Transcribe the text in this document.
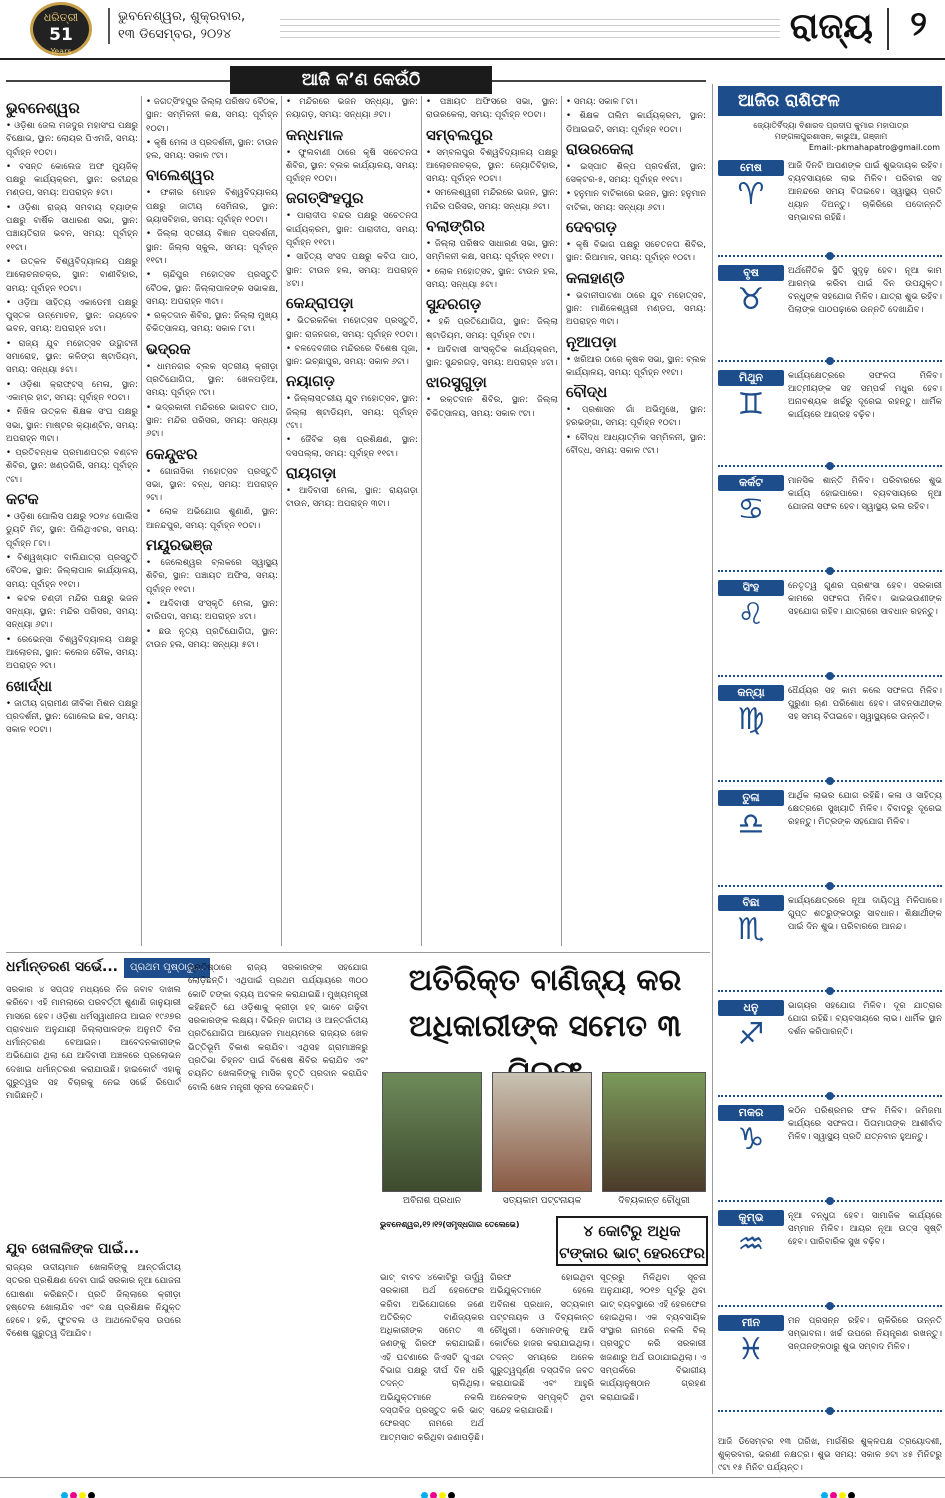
ଧରିତ୍ରୀ
51
Years
ଭୁବନେଶ୍ୱର, ଶୁକ୍ରବାର,
୧୩ ଡିସେମ୍ବର, ୨୦୨୪	ରାଜ୍ୟ ୨
ଆଜି କ’ଣ କେଉଁଠି
ଭୁବନେଶ୍ୱର

• ଓଡ଼ିଶା ଜେଲ ମଜଦୁର ମହାସଂଘ ପକ୍ଷରୁ ବିକ୍ଷୋଭ, ସ୍ଥାନ: ଲୋୟର ପିଏମଜି, ସମୟ: ପୂର୍ବାହ୍ନ ୧୦ଟା।

• ବସନ୍ତ କୋଲେଜ ଅଫ ମ୍ୟୁଜିକ୍ ପକ୍ଷରୁ କାର୍ଯ୍ୟକ୍ରମ, ସ୍ଥାନ: ରବୀନ୍ଦ୍ର ମଣ୍ଡପ, ସମୟ: ଅପରାହ୍ନ ୫ଟା।

• ଓଡ଼ିଶା ରାଜ୍ୟ ସମବାୟ ବ୍ୟାଙ୍କ ପକ୍ଷରୁ ବାର୍ଷିକ ସାଧାରଣ ସଭା, ସ୍ଥାନ: ପଞ୍ଚାୟତିରାଜ ଭବନ, ସମୟ: ପୂର୍ବାହ୍ନ ୧୧ଟା।

• ଉତ୍କଳ ବିଶ୍ୱବିଦ୍ୟାଳୟ ପକ୍ଷରୁ ଆଲୋଚନାଚକ୍ର, ସ୍ଥାନ: ବାଣୀବିହାର, ସମୟ: ପୂର୍ବାହ୍ନ ୧୦ଟା।

• ଓଡ଼ିଆ ସାହିତ୍ୟ ଏକାଡେମୀ ପକ୍ଷରୁ ପୁସ୍ତକ ଉନ୍ମୋଚନ, ସ୍ଥାନ: ଜୟଦେବ ଭବନ, ସମୟ: ଅପରାହ୍ନ ୪ଟା।

• ରାଜ୍ୟ ଯୁବ ମହୋତ୍ସବ ଉଦ୍ଘାଟନୀ ସମାରୋହ, ସ୍ଥାନ: କଳିଙ୍ଗ ଷ୍ଟାଡିୟମ, ସମୟ: ସନ୍ଧ୍ୟା ୫ଟା।

• ଓଡ଼ିଶା କ୍ରାଫ୍ଟସ୍ ମେଳା, ସ୍ଥାନ: ଏକାମ୍ର ହାଟ, ସମୟ: ପୂର୍ବାହ୍ନ ୧୦ଟା।

• ନିଖିଳ ଉତ୍କଳ ଶିକ୍ଷକ ସଂଘ ପକ୍ଷରୁ ସଭା, ସ୍ଥାନ: ମାଷ୍ଟର କ୍ୟାଣ୍ଟିନ, ସମୟ: ଅପରାହ୍ନ ୩ଟା।

• ପ୍ରତିବନ୍ଧକ ପ୍ରମାଣପତ୍ର ବଣ୍ଟନ ଶିବିର, ସ୍ଥାନ: ଖଣ୍ଡଗିରି, ସମୟ: ପୂର୍ବାହ୍ନ ୯ଟା।

କଟକ

• ଓଡ଼ିଶା ପୋଲିସ ପକ୍ଷରୁ ୨୦୨୪ ପୋଲିସ ଡ୍ୟୁଟି ମିଟ୍, ସ୍ଥାନ: ପିଲିଥିଏଟର, ସମୟ: ପୂର୍ବାହ୍ନ ୮ଟା।

• ବିଶ୍ୱଖ୍ୟାତ ବାଲିଯାତ୍ରା ପ୍ରସ୍ତୁତି ବୈଠକ, ସ୍ଥାନ: ଜିଲ୍ଲାପାଳ କାର୍ଯ୍ୟାଳୟ, ସମୟ: ପୂର୍ବାହ୍ନ ୧୧ଟା।

• କଟକ ଚଣ୍ଡୀ ମନ୍ଦିର ପକ୍ଷରୁ ଭଜନ ସନ୍ଧ୍ୟା, ସ୍ଥାନ: ମନ୍ଦିର ପରିସର, ସମୟ: ସନ୍ଧ୍ୟା ୬ଟା।

• ରେଭେନ୍ସା ବିଶ୍ୱବିଦ୍ୟାଳୟ ପକ୍ଷରୁ ଆଲୋଚନା, ସ୍ଥାନ: କଲେଜ ଚୌକ, ସମୟ: ଅପରାହ୍ନ ୨ଟା।

ଖୋର୍ଦ୍ଧା

• ଜାତୀୟ ଗ୍ରାମୀଣ ଜୀବିକା ମିଶନ ପକ୍ଷରୁ ପ୍ରଦର୍ଶନୀ, ସ୍ଥାନ: ଗୋଲେଇ ଛକ, ସମୟ: ସକାଳ ୧୦ଟା।

• ଜଗତ୍ସିଂହପୁର ଜିଲ୍ଲା ପରିଷଦ ବୈଠକ, ସ୍ଥାନ: ସମ୍ମିଳନୀ କକ୍ଷ, ସମୟ: ପୂର୍ବାହ୍ନ ୧୦ଟା।

• କୃଷି ମେଳା ଓ ପ୍ରଦର୍ଶନୀ, ସ୍ଥାନ: ଟାଉନ ହଲ, ସମୟ: ସକାଳ ୯ଟା।

ବାଲେଶ୍ୱର

• ଫକୀର ମୋହନ ବିଶ୍ୱବିଦ୍ୟାଳୟ ପକ୍ଷରୁ ଜାତୀୟ ସେମିନାର, ସ୍ଥାନ: ଭ୍ୟାସବିହାର, ସମୟ: ପୂର୍ବାହ୍ନ ୧୦ଟା।

• ଜିଲ୍ଲା ସ୍ତରୀୟ ବିଜ୍ଞାନ ପ୍ରଦର୍ଶନୀ, ସ୍ଥାନ: ଜିଲ୍ଲା ସ୍କୁଲ, ସମୟ: ପୂର୍ବାହ୍ନ ୧୧ଟା।

• ଚାନ୍ଦିପୁର ମହୋତ୍ସବ ପ୍ରସ୍ତୁତି ବୈଠକ, ସ୍ଥାନ: ଜିଲ୍ଲାପାଳଙ୍କ ସଭାକକ୍ଷ, ସମୟ: ଅପରାହ୍ନ ୩ଟା।

• ରକ୍ତଦାନ ଶିବିର, ସ୍ଥାନ: ଜିଲ୍ଲା ମୁଖ୍ୟ ଚିକିତ୍ସାଳୟ, ସମୟ: ସକାଳ ୮ଟା।

ଭଦ୍ରକ

• ଧାମନଗର ବ୍ଲକ ସ୍ତରୀୟ କ୍ରୀଡ଼ା ପ୍ରତିଯୋଗିତା, ସ୍ଥାନ: ଖେଳପଡ଼ିଆ, ସମୟ: ପୂର୍ବାହ୍ନ ୯ଟା।

• ଭଦ୍ରକାଳୀ ମନ୍ଦିରରେ ଭାଗବତ ପାଠ, ସ୍ଥାନ: ମନ୍ଦିର ପରିସର, ସମୟ: ସନ୍ଧ୍ୟା ୬ଟା।

କେନ୍ଦୁଝର

• ଗୋନାସିକା ମହୋତ୍ସବ ପ୍ରସ୍ତୁତି ସଭା, ସ୍ଥାନ: ବନ୍ଧ, ସମୟ: ଅପରାହ୍ନ ୨ଟା।

• ଲୋକ ଅଭିଯୋଗ ଶୁଣାଣି, ସ୍ଥାନ: ଆନନ୍ଦପୁର, ସମୟ: ପୂର୍ବାହ୍ନ ୧୦ଟା।

ମୟୂରଭଞ୍ଜ

• ଜେଲେଶ୍ୱର ବ୍ଲକରେ ସ୍ୱାସ୍ଥ୍ୟ ଶିବିର, ସ୍ଥାନ: ପଞ୍ଚାୟତ ଅଫିସ, ସମୟ: ପୂର୍ବାହ୍ନ ୧୧ଟା।

• ଆଦିବାସୀ ସଂସ୍କୃତି ମେଳା, ସ୍ଥାନ: ବାରିପଦା, ସମୟ: ଅପରାହ୍ନ ୪ଟା।

• ଛଉ ନୃତ୍ୟ ପ୍ରତିଯୋଗିତା, ସ୍ଥାନ: ଟାଉନ ହଲ, ସମୟ: ସନ୍ଧ୍ୟା ୫ଟା।

• ମନ୍ଦିରରେ ଭଜନ ସନ୍ଧ୍ୟା, ସ୍ଥାନ: ନୟାଗଡ଼, ସମୟ: ସନ୍ଧ୍ୟା ୬ଟା।

କନ୍ଧମାଳ

• ଫୁଲବାଣୀ ଠାରେ କୃଷି ସଚେତନତା ଶିବିର, ସ୍ଥାନ: ବ୍ଲକ କାର୍ଯ୍ୟାଳୟ, ସମୟ: ପୂର୍ବାହ୍ନ ୧୦ଟା।

ଜଗତ୍ସିଂହପୁର

• ପାରାଦୀପ ବନ୍ଦର ପକ୍ଷରୁ ସଚେତନତା କାର୍ଯ୍ୟକ୍ରମ, ସ୍ଥାନ: ପାରାଦୀପ, ସମୟ: ପୂର୍ବାହ୍ନ ୧୧ଟା।

• ସାହିତ୍ୟ ସଂସଦ ପକ୍ଷରୁ କବିତା ପାଠ, ସ୍ଥାନ: ଟାଉନ ହଲ, ସମୟ: ଅପରାହ୍ନ ୪ଟା।

କେନ୍ଦ୍ରାପଡ଼ା

• ଭିତରକନିକା ମହୋତ୍ସବ ପ୍ରସ୍ତୁତି, ସ୍ଥାନ: ରାଜନଗର, ସମୟ: ପୂର୍ବାହ୍ନ ୧୦ଟା।

• ବଳଦେବଜୀଉ ମନ୍ଦିରରେ ବିଶେଷ ପୂଜା, ସ୍ଥାନ: ଇଚ୍ଛାପୁର, ସମୟ: ସକାଳ ୬ଟା।

ନୟାଗଡ଼

• ଜିଲ୍ଲାସ୍ତରୀୟ ଯୁବ ମହୋତ୍ସବ, ସ୍ଥାନ: ଜିଲ୍ଲା ଷ୍ଟାଡିୟମ, ସମୟ: ପୂର୍ବାହ୍ନ ୯ଟା।

• ଜୈବିକ ଚାଷ ପ୍ରଶିକ୍ଷଣ, ସ୍ଥାନ: ଦସପଲ୍ଲା, ସମୟ: ପୂର୍ବାହ୍ନ ୧୧ଟା।

ରାୟଗଡ଼ା

• ଆଦିବାସୀ ମେଳା, ସ୍ଥାନ: ରାୟଗଡ଼ା ଟାଉନ, ସମୟ: ଅପରାହ୍ନ ୩ଟା।

• ପଞ୍ଚାୟତ ଅଫିସରେ ସଭା, ସ୍ଥାନ: ରାଉରକେଲା, ସମୟ: ପୂର୍ବାହ୍ନ ୧୦ଟା।

ସମ୍ବଲପୁର

• ସମ୍ବଲପୁର ବିଶ୍ୱବିଦ୍ୟାଳୟ ପକ୍ଷରୁ ଆଲୋଚନାଚକ୍ର, ସ୍ଥାନ: ଜ୍ୟୋତିବିହାର, ସମୟ: ପୂର୍ବାହ୍ନ ୧୦ଟା।

• ସମଲେଶ୍ୱରୀ ମନ୍ଦିରରେ ଭଜନ, ସ୍ଥାନ: ମନ୍ଦିର ପରିସର, ସମୟ: ସନ୍ଧ୍ୟା ୬ଟା।

ବଲାଙ୍ଗିର

• ଜିଲ୍ଲା ପରିଷଦ ସାଧାରଣ ସଭା, ସ୍ଥାନ: ସମ୍ମିଳନୀ କକ୍ଷ, ସମୟ: ପୂର୍ବାହ୍ନ ୧୧ଟା।

• ଲୋକ ମହୋତ୍ସବ, ସ୍ଥାନ: ଟାଉନ ହଲ, ସମୟ: ସନ୍ଧ୍ୟା ୫ଟା।

ସୁନ୍ଦରଗଡ଼

• ହକି ପ୍ରତିଯୋଗିତା, ସ୍ଥାନ: ଜିଲ୍ଲା ଷ୍ଟାଡିୟମ, ସମୟ: ପୂର୍ବାହ୍ନ ୯ଟା।

• ଆଦିବାସୀ ସାଂସ୍କୃତିକ କାର୍ଯ୍ୟକ୍ରମ, ସ୍ଥାନ: ସୁନ୍ଦରଗଡ଼, ସମୟ: ଅପରାହ୍ନ ୪ଟା।

ଝାରସୁଗୁଡ଼ା

• ରକ୍ତଦାନ ଶିବିର, ସ୍ଥାନ: ଜିଲ୍ଲା ଚିକିତ୍ସାଳୟ, ସମୟ: ସକାଳ ୯ଟା।

• ସମୟ: ସକାଳ ୮ଟା।

• ଶିକ୍ଷକ ତାଲିମ କାର୍ଯ୍ୟକ୍ରମ, ସ୍ଥାନ: ଡିଆଇଇଟି, ସମୟ: ପୂର୍ବାହ୍ନ ୧୦ଟା।

ରାଉରକେଲା

• ଇସ୍ପାତ ଶିଳ୍ପ ପ୍ରଦର୍ଶନୀ, ସ୍ଥାନ: ସେକ୍ଟର-୫, ସମୟ: ପୂର୍ବାହ୍ନ ୧୧ଟା।

• ହନୁମାନ ବାଟିକାରେ ଭଜନ, ସ୍ଥାନ: ହନୁମାନ ବାଟିକା, ସମୟ: ସନ୍ଧ୍ୟା ୬ଟା।

ଦେବଗଡ଼

• କୃଷି ବିଭାଗ ପକ୍ଷରୁ ସଚେତନତା ଶିବିର, ସ୍ଥାନ: ରିଆମାଳ, ସମୟ: ପୂର୍ବାହ୍ନ ୧୦ଟା।

କଳାହାଣ୍ଡି

• ଭବାନୀପାଟଣା ଠାରେ ଯୁବ ମହୋତ୍ସବ, ସ୍ଥାନ: ମାଣିକେଶ୍ୱରୀ ମଣ୍ଡପ, ସମୟ: ଅପରାହ୍ନ ୩ଟା।

ନୂଆପଡ଼ା

• ଖରିଆର ଠାରେ କୃଷକ ସଭା, ସ୍ଥାନ: ବ୍ଲକ କାର୍ଯ୍ୟାଳୟ, ସମୟ: ପୂର୍ବାହ୍ନ ୧୧ଟା।

ବୌଦ୍ଧ

• ପ୍ରଶାସନ ଗାଁ ଅଭିମୁଖେ, ସ୍ଥାନ: ହରଭଙ୍ଗା, ସମୟ: ପୂର୍ବାହ୍ନ ୧୦ଟା।

• ବୌଦ୍ଧ ଆଧ୍ୟାତ୍ମିକ ସମ୍ମିଳନୀ, ସ୍ଥାନ: ବୌଦ୍ଧ, ସମୟ: ସକାଳ ୯ଟା।

ଆଜିର ରାଶିଫଳ
ଜ୍ୟୋତିର୍ବିଦ୍ୟା ବିଶାରଦ ପ୍ରଦୀପ କୁମାର ମହାପାତ୍ର
ମଙ୍ଗଳାପୁରଶାସନ, କାଭୁଆ, ଗଞ୍ଜାମ
Email:-pkmahapatro@gmail.com
ମେଷ
♈
ଆଜି ଦିନଟି ଆପଣଙ୍କ ପାଇଁ ଶୁଭଦାୟକ ରହିବ। ବ୍ୟବସାୟରେ ଲାଭ ମିଳିବ। ପରିବାର ସହ ଆନନ୍ଦରେ ସମୟ ବିତାଇବେ। ସ୍ୱାସ୍ଥ୍ୟ ପ୍ରତି ଧ୍ୟାନ ଦିଅନ୍ତୁ। ଚାକିରିରେ ପଦୋନ୍ନତି ସମ୍ଭାବନା ରହିଛି।
ବୃଷ
♉
ଅର୍ଥନୈତିକ ସ୍ଥିତି ସୁଦୃଢ଼ ହେବ। ନୂଆ କାମ ଆରମ୍ଭ କରିବା ପାଇଁ ଦିନ ଉପଯୁକ୍ତ। ବନ୍ଧୁଙ୍କ ସହଯୋଗ ମିଳିବ। ଯାତ୍ରା ଶୁଭ ରହିବ। ପିଲାଙ୍କ ପାଠପଢ଼ାରେ ଉନ୍ନତି ଦେଖାଯିବ।
ମିଥୁନ
♊
କାର୍ଯ୍ୟକ୍ଷେତ୍ରରେ ସଫଳତା ମିଳିବ। ଆତ୍ମୀୟଙ୍କ ସହ ସମ୍ପର୍କ ମଧୁର ହେବ। ଅନାବଶ୍ୟକ ଖର୍ଚ୍ଚରୁ ଦୂରେଇ ରହନ୍ତୁ। ଧାର୍ମିକ କାର୍ଯ୍ୟରେ ଆଗ୍ରହ ବଢ଼ିବ।
କର୍କଟ
♋
ମାନସିକ ଶାନ୍ତି ମିଳିବ। ପରିବାରରେ ଶୁଭ କାର୍ଯ୍ୟ ହୋଇପାରେ। ବ୍ୟବସାୟରେ ନୂଆ ଯୋଜନା ସଫଳ ହେବ। ସ୍ୱାସ୍ଥ୍ୟ ଭଲ ରହିବ।
ସିଂହ
♌
ନେତୃତ୍ୱ ଗୁଣର ପ୍ରଶଂସା ହେବ। ସରକାରୀ କାମରେ ସଫଳତା ମିଳିବ। ଭାଇଭଉଣୀଙ୍କ ସହଯୋଗ ରହିବ। ଯାତ୍ରାରେ ସାବଧାନ ରହନ୍ତୁ।
କନ୍ୟା
♍
ଧୈର୍ଯ୍ୟର ସହ କାମ କଲେ ସଫଳତା ମିଳିବ। ପୁରୁଣା ଋଣ ପରିଶୋଧ ହେବ। ଜୀବନସାଥୀଙ୍କ ସହ ସମୟ ବିତାଇବେ। ସ୍ୱାସ୍ଥ୍ୟରେ ଉନ୍ନତି।
ତୁଳା
♎
ଆର୍ଥିକ ଲାଭର ଯୋଗ ରହିଛି। କଳା ଓ ସାହିତ୍ୟ କ୍ଷେତ୍ରରେ ସୁଖ୍ୟାତି ମିଳିବ। ବିବାଦରୁ ଦୂରେଇ ରହନ୍ତୁ। ମିତ୍ରଙ୍କ ସହଯୋଗ ମିଳିବ।
ବିଛା
♏
କାର୍ଯ୍ୟକ୍ଷେତ୍ରରେ ନୂଆ ଦାୟିତ୍ୱ ମିଳିପାରେ। ଗୁପ୍ତ ଶତ୍ରୁଙ୍କଠାରୁ ସାବଧାନ। ଶିକ୍ଷାର୍ଥୀଙ୍କ ପାଇଁ ଦିନ ଶୁଭ। ପରିବାରରେ ଆନନ୍ଦ।
ଧନୁ
♐
ଭାଗ୍ୟର ସହଯୋଗ ମିଳିବ। ଦୂର ଯାତ୍ରାର ଯୋଗ ରହିଛି। ବ୍ୟବସାୟରେ ଲାଭ। ଧାର୍ମିକ ସ୍ଥାନ ଦର୍ଶନ କରିପାରନ୍ତି।
ମକର
♑
କଠିନ ପରିଶ୍ରମର ଫଳ ମିଳିବ। ଜମିଜମା କାର୍ଯ୍ୟରେ ସଫଳତା। ପିତାମାତାଙ୍କ ଆଶୀର୍ବାଦ ମିଳିବ। ସ୍ୱାସ୍ଥ୍ୟ ପ୍ରତି ଯତ୍ନବାନ ହୁଅନ୍ତୁ।
କୁମ୍ଭ
♒
ନୂଆ ବନ୍ଧୁତା ହେବ। ସାମାଜିକ କାର୍ଯ୍ୟରେ ସମ୍ମାନ ମିଳିବ। ଆୟର ନୂଆ ଉତ୍ସ ସୃଷ୍ଟି ହେବ। ପାରିବାରିକ ସୁଖ ବଢ଼ିବ।
ମୀନ
♓
ମନ ପ୍ରସନ୍ନ ରହିବ। ଚାକିରିରେ ଉନ୍ନତି ସମ୍ଭାବନା। ଖର୍ଚ୍ଚ ଉପରେ ନିୟନ୍ତ୍ରଣ ରଖନ୍ତୁ। ସନ୍ତାନଙ୍କଠାରୁ ଶୁଭ ସମ୍ବାଦ ମିଳିବ।
ଆଜି ଡିସେମ୍ବର ୧୩ ତାରିଖ, ମାର୍ଗଶିର ଶୁକ୍ଳପକ୍ଷ ତ୍ରୟୋଦଶୀ, ଶୁକ୍ରବାର, ଭରଣୀ ନକ୍ଷତ୍ର। ଶୁଭ ସମୟ: ସକାଳ ୭ଟା ୪୫ ମିନିଟରୁ ୯ଟା ୧୫ ମିନିଟ ପର୍ଯ୍ୟନ୍ତ।
ଧର୍ମାନ୍ତରଣ ସର୍ଭେ...	ପ୍ରଥମ ପୃଷ୍ଠାରୁ...
ସରକାର ୪ ସପ୍ତାହ ମଧ୍ୟରେ ନିଜ ଜବାବ ଦାଖଲ କରିବେ। ଏହି ମାମଲାରେ ପରବର୍ତ୍ତୀ ଶୁଣାଣି ଜାନୁୟାରୀ ମାସରେ ହେବ। ଓଡ଼ିଶା ଧର୍ମସ୍ୱାଧୀନତା ଆଇନ ୧୯୬୭ର ପ୍ରାବଧାନ ଅନୁଯାୟୀ ଜିଲ୍ଲାପାଳଙ୍କ ଅନୁମତି ବିନା ଧର୍ମାନ୍ତରଣ ବେଆଇନ। ଆବେଦନକାରୀଙ୍କ ଅଭିଯୋଗ ଥିଲା ଯେ ଆଦିବାସୀ ଅଞ୍ଚଳରେ ପ୍ରଲୋଭନ ଦେଖାଇ ଧର୍ମାନ୍ତରଣ କରାଯାଉଛି। ହାଇକୋର୍ଟ ଏହାକୁ ଗୁରୁତ୍ୱର ସହ ବିଚାରକୁ ନେଇ ସର୍ଭେ ରିପୋର୍ଟ ମାଗିଛନ୍ତି।
ଯୁବ ଖେଳାଳିଙ୍କ ପାଇଁ...
ରାଜ୍ୟର ଉଦୀୟମାନ ଖେଳାଳିଙ୍କୁ ଆନ୍ତର୍ଜାତୀୟ ସ୍ତରର ପ୍ରଶିକ୍ଷଣ ଦେବା ପାଇଁ ସରକାର ନୂଆ ଯୋଜନା ଘୋଷଣା କରିଛନ୍ତି। ପ୍ରତି ଜିଲ୍ଲାରେ କ୍ରୀଡ଼ା ହଷ୍ଟେଲ ଖୋଲାଯିବ ଏବଂ ଦକ୍ଷ ପ୍ରଶିକ୍ଷକ ନିଯୁକ୍ତ ହେବେ। ହକି, ଫୁଟବଲ ଓ ଆଥଲେଟିକ୍ସ ଉପରେ ବିଶେଷ ଗୁରୁତ୍ୱ ଦିଆଯିବ।
ପ୍ରତିଷ୍ଠାରେ ରାଜ୍ୟ ସରକାରଙ୍କ ସହଯୋଗ ଲୋଡ଼ିଛନ୍ତି। ଏଥିପାଇଁ ପ୍ରଥମ ପର୍ଯ୍ୟାୟରେ ୩୦୦ କୋଟି ଟଙ୍କା ବ୍ୟୟ ଅଟକଳ କରାଯାଇଛି। ମୁଖ୍ୟମନ୍ତ୍ରୀ କହିଛନ୍ତି ଯେ ଓଡ଼ିଶାକୁ କ୍ରୀଡ଼ା ହବ୍ ଭାବେ ଗଢ଼ିବା ସରକାରଙ୍କ ଲକ୍ଷ୍ୟ। ବିଭିନ୍ନ ଜାତୀୟ ଓ ଆନ୍ତର୍ଜାତୀୟ ପ୍ରତିଯୋଗିତା ଆୟୋଜନ ମାଧ୍ୟମରେ ରାଜ୍ୟର ଖେଳ ଭିତ୍ତିଭୂମି ବିକାଶ କରାଯିବ। ଏଥିସହ ଗ୍ରାମାଞ୍ଚଳରୁ ପ୍ରତିଭା ଚିହ୍ନଟ ପାଇଁ ବିଶେଷ ଶିବିର କରାଯିବ ଏବଂ ଚୟନିତ ଖେଳାଳିଙ୍କୁ ମାସିକ ବୃତ୍ତି ପ୍ରଦାନ କରାଯିବ ବୋଲି ଖେଳ ମନ୍ତ୍ରୀ ସୂଚନା ଦେଇଛନ୍ତି।
ଅତିରିକ୍ତ ବାଣିଜ୍ୟ କର
ଅଧିକାରୀଙ୍କ ସମେତ ୩
ଅବିନାଶ ପ୍ରଧାନ	ସତ୍ୟକାମ ପଟ୍ଟନାୟକ	ଦିବ୍ୟକାନ୍ତ ଚୌଧୁରୀ
ଭୁବନେଶ୍ୱର,୧୨।୧୨(ସମୃଦ୍ଧଗାର ତେଲେଭେ)	୪ କୋଟିରୁ ଅଧିକ ଟଙ୍କାର ଭାଟ୍ ହେରଫେର
ଭାଟ୍ ବାବଦ ୪କୋଟିରୁ ଊର୍ଦ୍ଧ୍ୱ ସରକାରୀ ଅର୍ଥ ହେରଫେର କରିବା ଅଭିଯୋଗରେ ଜଣେ ଅତିରିକ୍ତ ବାଣିଜ୍ୟକର ଅଧିକାରୀଙ୍କ ସମେତ ୩ ଜଣଙ୍କୁ ଗିରଫ କରାଯାଇଛି। ଏହି ଘଟଣାରେ ଜିଏସଟି ଗୁଏନ୍ଦା ବିଭାଗ ପକ୍ଷରୁ ଦୀର୍ଘ ଦିନ ଧରି ତଦନ୍ତ ଚାଲିଥିଲା। ଅଭିଯୁକ୍ତମାନେ ନକଲି ଦସ୍ତାବିଜ ପ୍ରସ୍ତୁତ କରି ଭାଟ୍ ଫେରସ୍ତ ନାମରେ ଅର୍ଥ ଆତ୍ମସାତ କରିଥିବା ଜଣାପଡ଼ିଛି।
ଗିରଫ ହୋଇଥିବା ଅଭିଯୁକ୍ତମାନେ ହେଲେ ଅବିନାଶ ପ୍ରଧାନ, ସତ୍ୟକାମ ପଟ୍ଟନାୟକ ଓ ଦିବ୍ୟକାନ୍ତ ଚୌଧୁରୀ। ସେମାନଙ୍କୁ ଆଜି କୋର୍ଟରେ ହାଜର କରାଯାଇଥିଲା। ତଦନ୍ତ ସମୟରେ ଅନେକ ଗୁରୁତ୍ୱପୂର୍ଣ୍ଣ ଦସ୍ତାବିଜ ଜବତ କରାଯାଇଛି ଏବଂ ଆହୁରି ଅନେକଙ୍କ ସମ୍ପୃକ୍ତି ଥିବା ସନ୍ଦେହ କରାଯାଉଛି।
ସୂତ୍ରରୁ ମିଳିଥିବା ସୂଚନା ଅନୁଯାୟୀ, ୨୦୧୭ ପୂର୍ବରୁ ଥିବା ଭାଟ୍ ବ୍ୟବସ୍ଥାରେ ଏହି ହେରଫେର ହୋଇଥିଲା। ଏକ ବ୍ୟବସାୟିକ ସଂସ୍ଥାର ନାମରେ ନକଲି ବିଲ୍ ପ୍ରସ୍ତୁତ କରି ସରକାରୀ ଖଜଣାରୁ ଅର୍ଥ ଉଠାଯାଇଥିଲା। ଏ ସମ୍ପର୍କରେ ବିଭାଗୀୟ କାର୍ଯ୍ୟାନୁଷ୍ଠାନ ଗ୍ରହଣ କରାଯାଇଛି।
